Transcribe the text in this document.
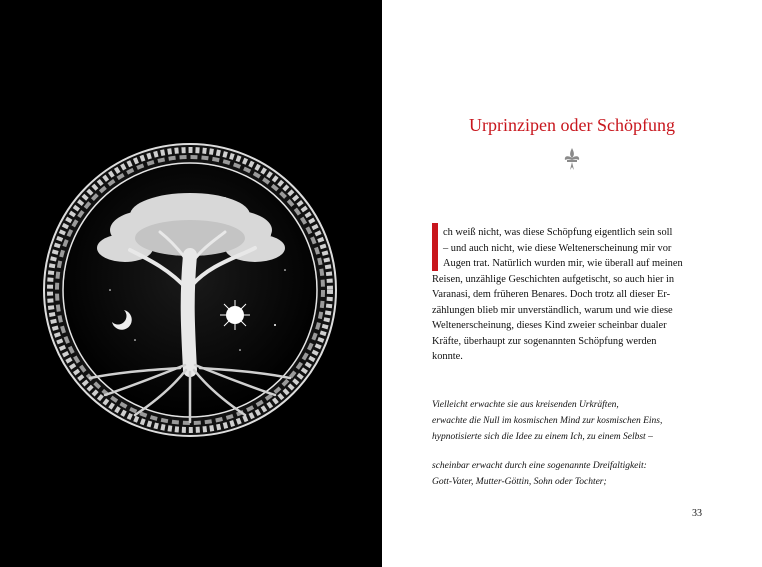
Urprinzipen oder Schöpfung
ch weiß nicht, was diese Schöpfung eigentlich sein soll
– und auch nicht, wie diese Weltenerscheinung mir vor
Augen trat. Natürlich wurden mir, wie überall auf meinen
Reisen, unzählige Geschichten aufgetischt, so auch hier in
Varanasi, dem früheren Benares. Doch trotz all dieser Er-
zählungen blieb mir unverständlich, warum und wie diese
Weltenerscheinung, dieses Kind zweier scheinbar dualer
Kräfte, überhaupt zur sogenannten Schöpfung werden
konnte.
Vielleicht erwachte sie aus kreisenden Urkräften,
erwachte die Null im kosmischen Mind zur kosmischen Eins,
hypnotisierte sich die Idee zu einem Ich, zu einem Selbst –
scheinbar erwacht durch eine sogenannte Dreifaltigkeit:
Gott-Vater, Mutter-Göttin, Sohn oder Tochter;
33
